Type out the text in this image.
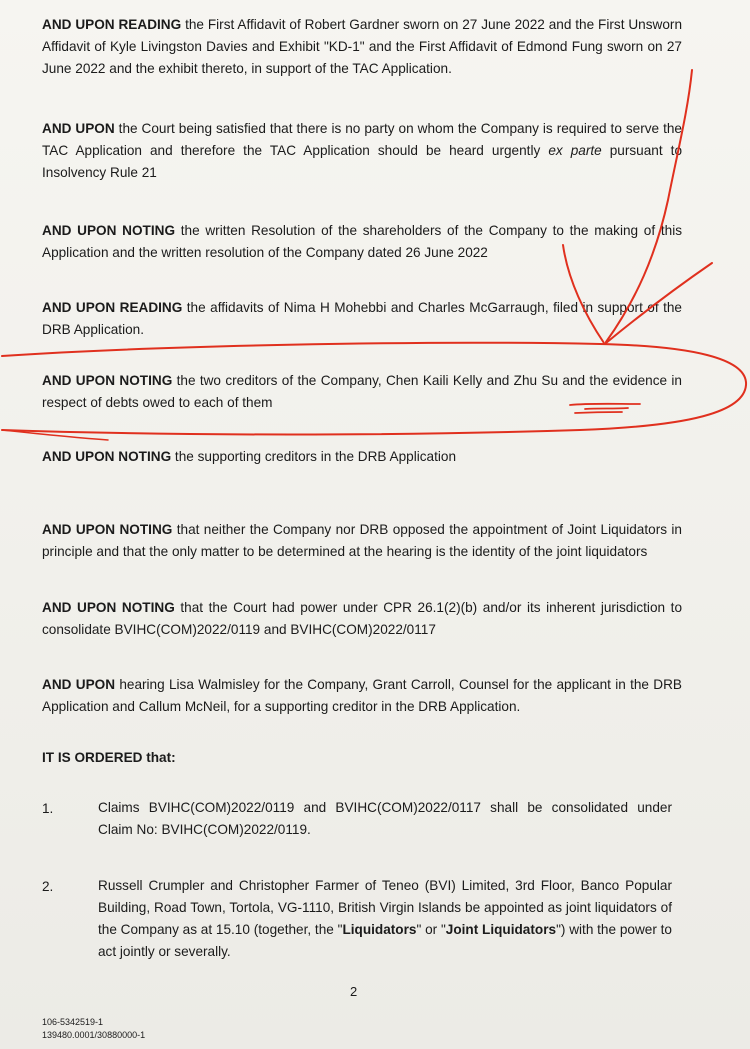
AND UPON READING the First Affidavit of Robert Gardner sworn on 27 June 2022 and the First Unsworn Affidavit of Kyle Livingston Davies and Exhibit "KD-1" and the First Affidavit of Edmond Fung sworn on 27 June 2022 and the exhibit thereto, in support of the TAC Application.

AND UPON the Court being satisfied that there is no party on whom the Company is required to serve the TAC Application and therefore the TAC Application should be heard urgently ex parte pursuant to Insolvency Rule 21

AND UPON NOTING the written Resolution of the shareholders of the Company to the making of this Application and the written resolution of the Company dated 26 June 2022

AND UPON READING the affidavits of Nima H Mohebbi and Charles McGarraugh, filed in support of the DRB Application.

AND UPON NOTING the two creditors of the Company, Chen Kaili Kelly and Zhu Su and the evidence in respect of debts owed to each of them

AND UPON NOTING the supporting creditors in the DRB Application

AND UPON NOTING that neither the Company nor DRB opposed the appointment of Joint Liquidators in principle and that the only matter to be determined at the hearing is the identity of the joint liquidators

AND UPON NOTING that the Court had power under CPR 26.1(2)(b) and/or its inherent jurisdiction to consolidate BVIHC(COM)2022/0119 and BVIHC(COM)2022/0117

AND UPON hearing Lisa Walmisley for the Company, Grant Carroll, Counsel for the applicant in the DRB Application and Callum McNeil, for a supporting creditor in the DRB Application.

IT IS ORDERED that:

1.	Claims BVIHC(COM)2022/0119 and BVIHC(COM)2022/0117 shall be consolidated under Claim No: BVIHC(COM)2022/0119.
2.	Russell Crumpler and Christopher Farmer of Teneo (BVI) Limited, 3rd Floor, Banco Popular Building, Road Town, Tortola, VG-1110, British Virgin Islands be appointed as joint liquidators of the Company as at 15.10 (together, the "Liquidators" or "Joint Liquidators") with the power to act jointly or severally.
2
106-5342519-1
139480.0001/30880000-1
